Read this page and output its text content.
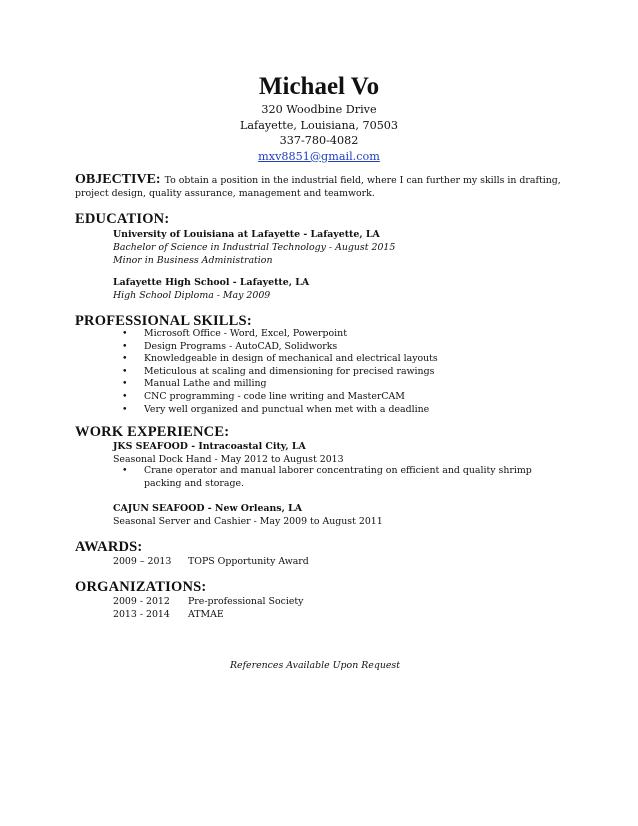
Michael Vo
320 Woodbine Drive
Lafayette, Louisiana, 70503
337-780-4082
mxv8851@gmail.com
OBJECTIVE: To obtain a position in the industrial field, where I can further my skills in drafting,
project design, quality assurance, management and teamwork.
EDUCATION:
University of Louisiana at Lafayette - Lafayette, LA
Bachelor of Science in Industrial Technology - August 2015
Minor in Business Administration
Lafayette High School - Lafayette, LA
High School Diploma - May 2009
PROFESSIONAL SKILLS:
• Microsoft Office - Word, Excel, Powerpoint
• Design Programs - AutoCAD, Solidworks
• Knowledgeable in design of mechanical and electrical layouts
• Meticulous at scaling and dimensioning for precised rawings
• Manual Lathe and milling
• CNC programming - code line writing and MasterCAM
• Very well organized and punctual when met with a deadline
WORK EXPERIENCE:
JKS SEAFOOD - Intracoastal City, LA
Seasonal Dock Hand - May 2012 to August 2013
•	Crane operator and manual laborer concentrating on efficient and quality shrimp packing and storage.
CAJUN SEAFOOD - New Orleans, LA
Seasonal Server and Cashier - May 2009 to August 2011
AWARDS:
2009 – 2013 TOPS Opportunity Award
ORGANIZATIONS:
2009 - 2012 Pre-professional Society
2013 - 2014 ATMAE
References Available Upon Request
